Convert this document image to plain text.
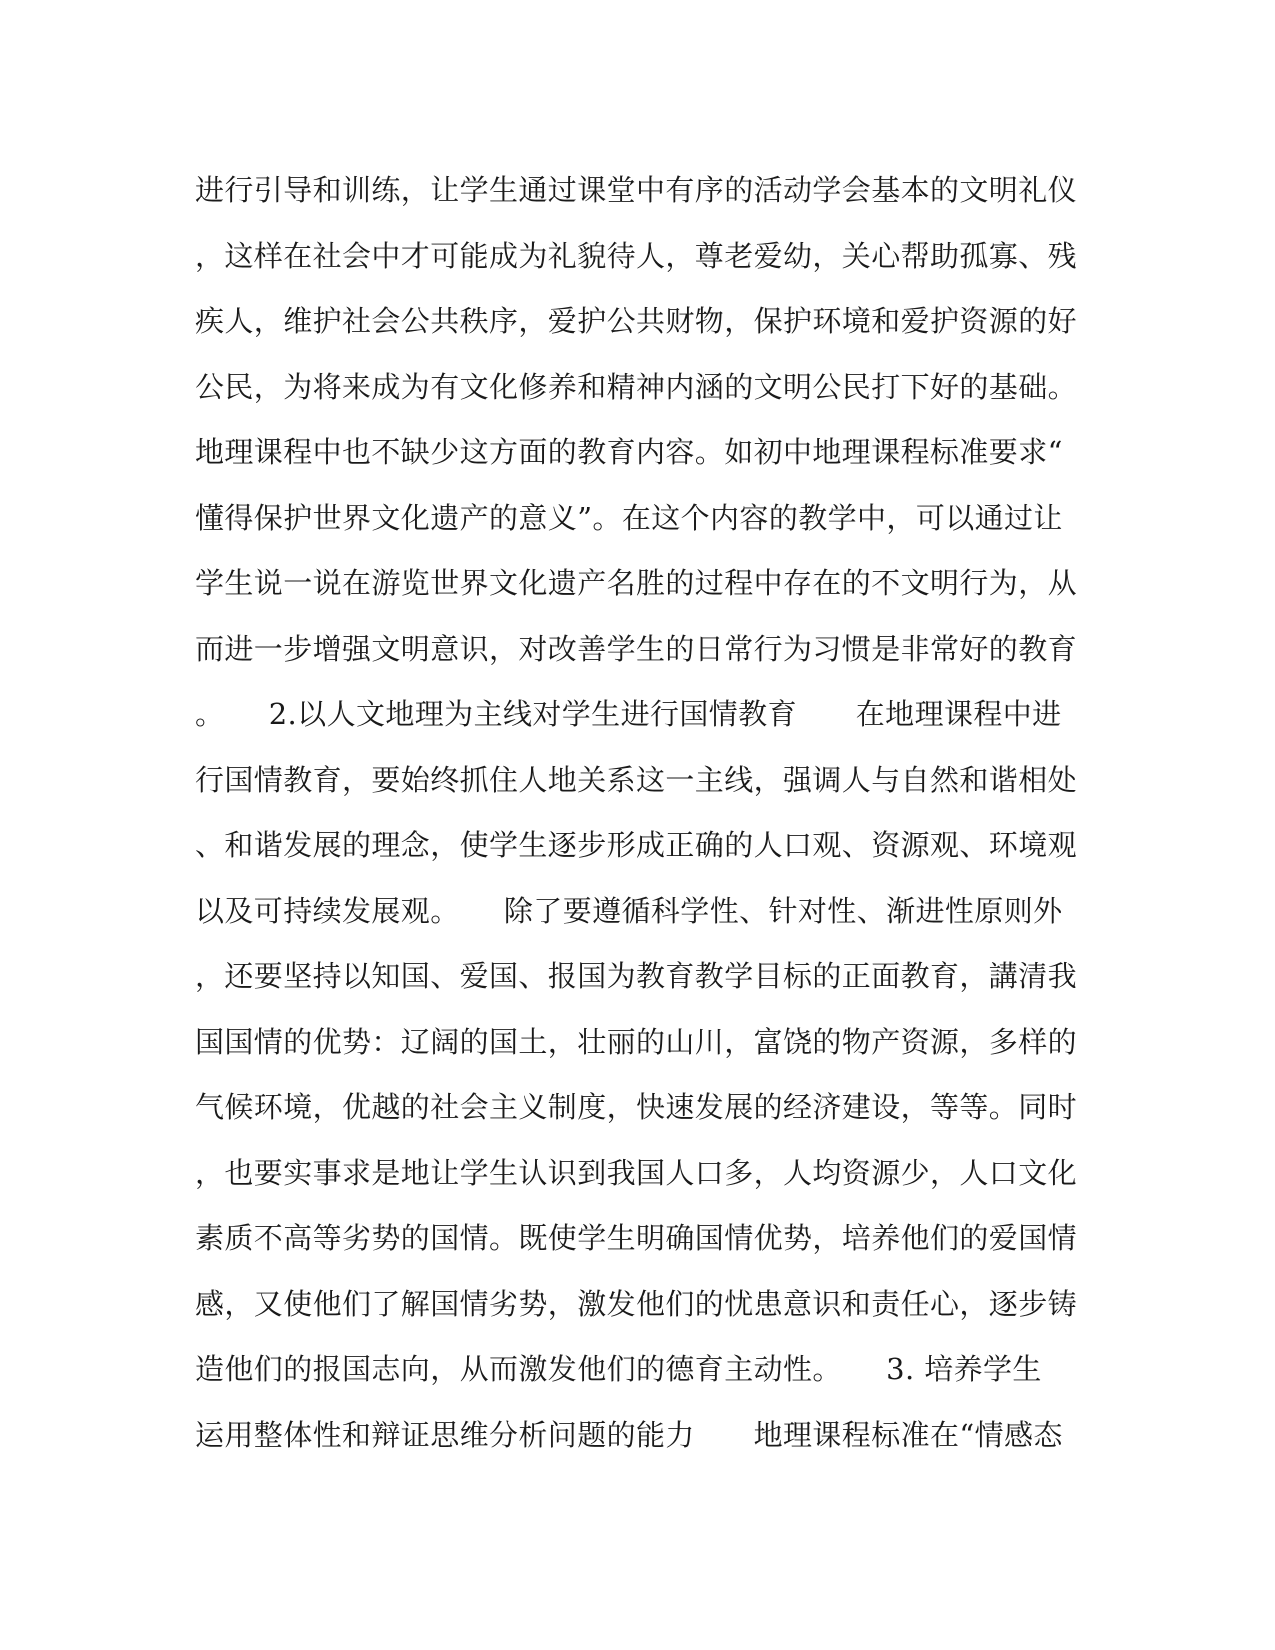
进行引导和训练，让学生通过课堂中有序的活动学会基本的文明礼仪
，这样在社会中才可能成为礼貌待人，尊老爱幼，关心帮助孤寡、残
疾人，维护社会公共秩序，爱护公共财物，保护环境和爱护资源的好
公民，为将来成为有文化修养和精神内涵的文明公民打下好的基础。
地理课程中也不缺少这方面的教育内容。如初中地理课程标准要求“
懂得保护世界文化遗产的意义”。在这个内容的教学中，可以通过让
学生说一说在游览世界文化遗产名胜的过程中存在的不文明行为，从
而进一步增强文明意识，对改善学生的日常行为习惯是非常好的教育
。　　2.以人文地理为主线对学生进行国情教育　　在地理课程中进
行国情教育，要始终抓住人地关系这一主线，强调人与自然和谐相处
、和谐发展的理念，使学生逐步形成正确的人口观、资源观、环境观
以及可持续发展观。　　除了要遵循科学性、针对性、渐进性原则外
，还要坚持以知国、爱国、报国为教育教学目标的正面教育，講清我
国国情的优势：辽阔的国土，壮丽的山川，富饶的物产资源，多样的
气候环境，优越的社会主义制度，快速发展的经济建设，等等。同时
，也要实事求是地让学生认识到我国人口多，人均资源少，人口文化
素质不高等劣势的国情。既使学生明确国情优势，培养他们的爱国情
感，又使他们了解国情劣势，激发他们的忧患意识和责任心，逐步铸
造他们的报国志向，从而激发他们的德育主动性。　　3. 培养学生
运用整体性和辩证思维分析问题的能力　　地理课程标准在“情感态
